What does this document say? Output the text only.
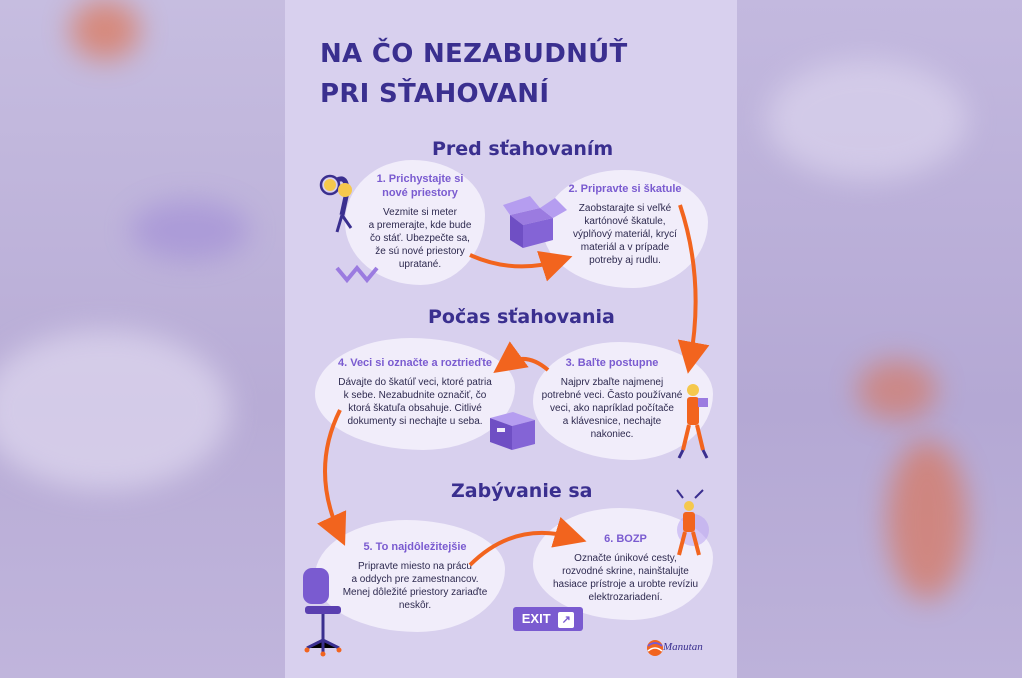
NA ČO NEZABUDNÚŤ
PRI SŤAHOVANÍ
Pred sťahovaním
Počas sťahovania
Zabývanie sa
1. Prichystajte si
nové priestory
Vezmite si meter
a premerajte, kde bude
čo stáť. Ubezpečte sa,
že sú nové priestory
upratané.
2. Pripravte si škatule
Zaobstarajte si veľké
kartónové škatule,
výplňový materiál, krycí
materiál a v prípade
potreby aj rudlu.
3. Baľte postupne
Najprv zbaľte najmenej
potrebné veci. Často používané
veci, ako napríklad počítače
a klávesnice, nechajte
nakoniec.
4. Veci si označte a roztrieďte
Dávajte do škatúľ veci, ktoré patria
k sebe. Nezabudnite označiť, čo
ktorá škatuľa obsahuje. Citlivé
dokumenty si nechajte u seba.
5. To najdôležitejšie
Pripravte miesto na prácu
a oddych pre zamestnancov.
Menej dôležité priestory zariaďte
neskôr.
6. BOZP
Označte únikové cesty,
rozvodné skrine, nainštalujte
hasiace prístroje a urobte revíziu
elektrozariadení.
EXIT ↗
Manutan
